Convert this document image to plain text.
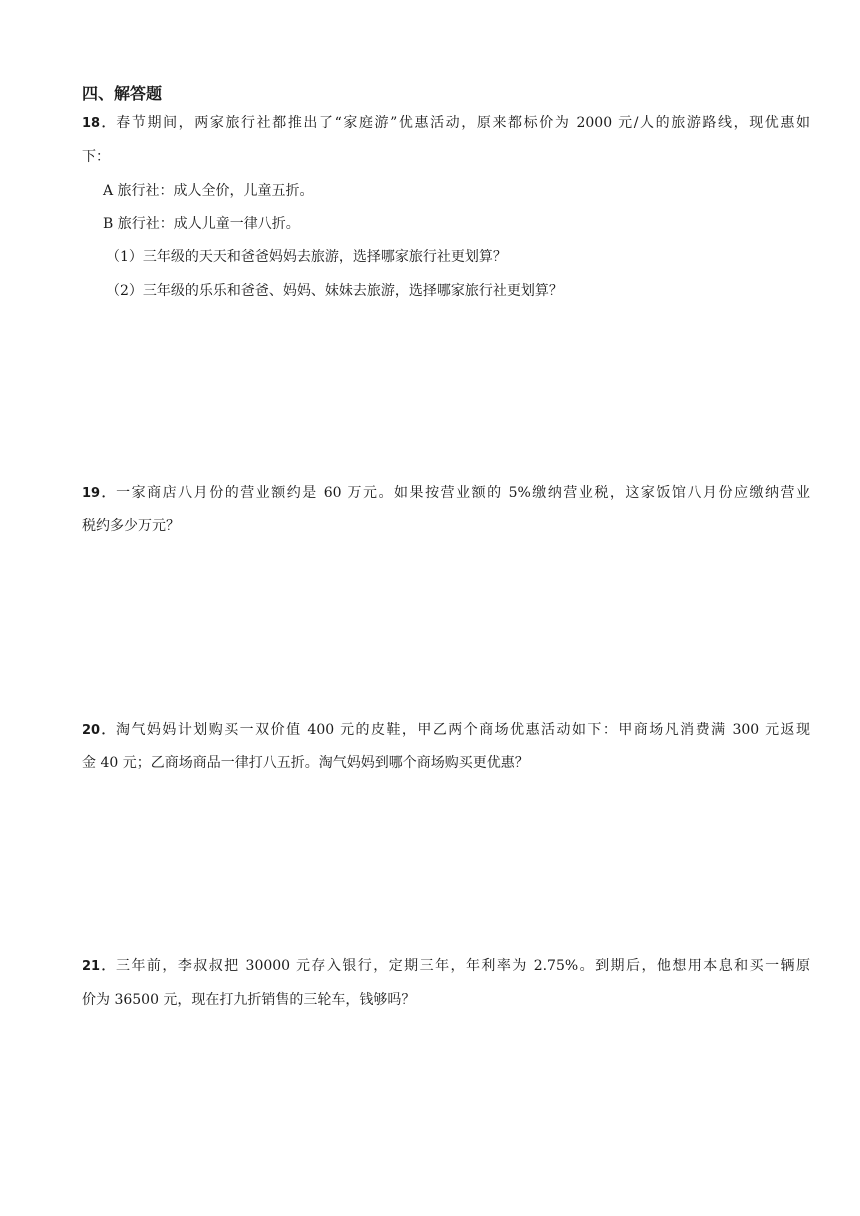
四、解答题
18．春节期间，两家旅行社都推出了“家庭游”优惠活动，原来都标价为 2000 元/人的旅游路线，现优惠如
下：
A 旅行社：成人全价，儿童五折。
B 旅行社：成人儿童一律八折。
（1）三年级的天天和爸爸妈妈去旅游，选择哪家旅行社更划算？
（2）三年级的乐乐和爸爸、妈妈、妹妹去旅游，选择哪家旅行社更划算？
19．一家商店八月份的营业额约是 60 万元。如果按营业额的 5%缴纳营业税，这家饭馆八月份应缴纳营业
税约多少万元？
20．淘气妈妈计划购买一双价值 400 元的皮鞋，甲乙两个商场优惠活动如下：甲商场凡消费满 300 元返现
金 40 元；乙商场商品一律打八五折。淘气妈妈到哪个商场购买更优惠？
21．三年前，李叔叔把 30000 元存入银行，定期三年，年利率为 2.75%。到期后，他想用本息和买一辆原
价为 36500 元，现在打九折销售的三轮车，钱够吗？
